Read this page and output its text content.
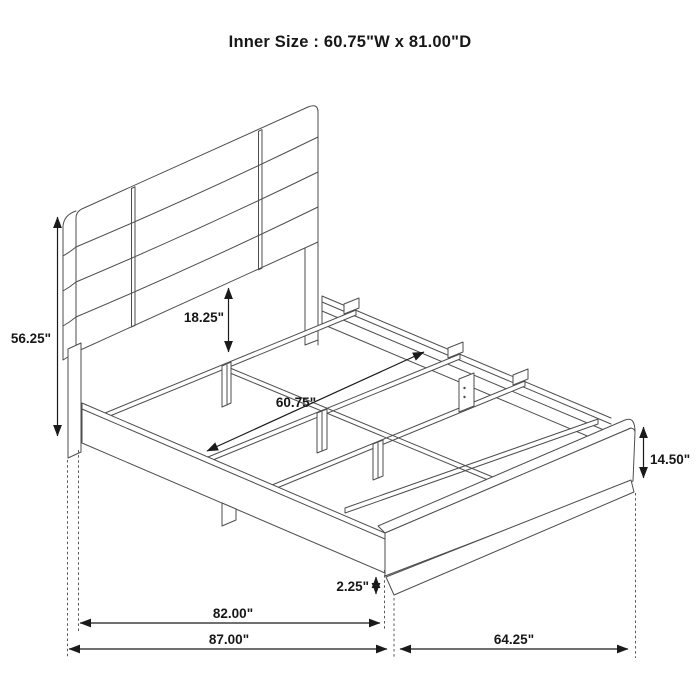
56.25"
18.25"
60.75"
14.50"
2.25"
82.00"
87.00"	64.25"
Inner Size : 60.75"W x 81.00"D
